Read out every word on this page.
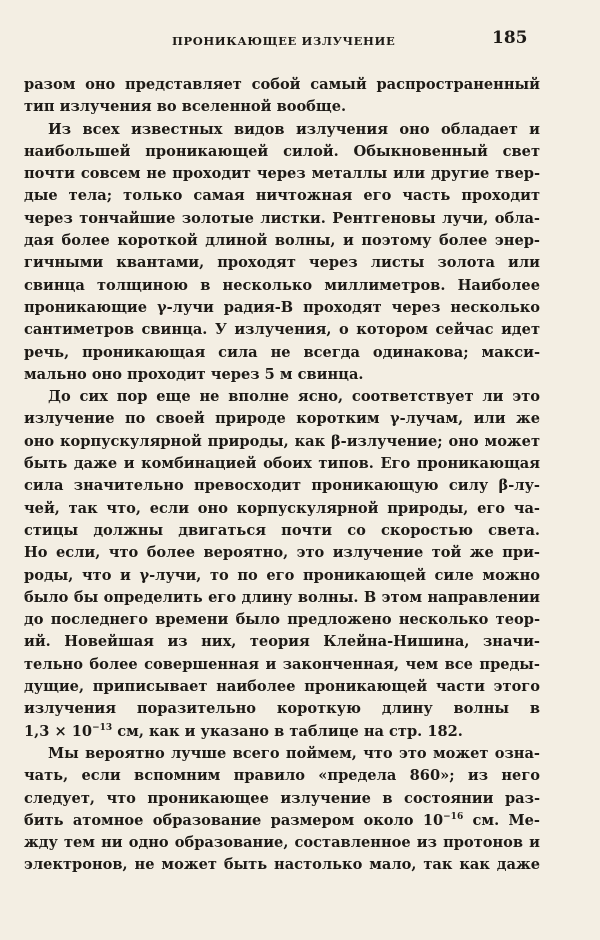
ПРОНИКАЮЩЕЕ ИЗЛУЧЕНИЕ	185
разом оно представляет собой самый распространенный
тип излучения во вселенной вообще.
Из всех известных видов излучения оно обладает и
наибольшей проникающей силой. Обыкновенный свет
почти совсем не проходит через металлы или другие твер-
дые тела; только самая ничтожная его часть проходит
через тончайшие золотые листки. Рентгеновы лучи, обла-
дая более короткой длиной волны, и поэтому более энер-
гичными квантами, проходят через листы золота или
свинца толщиною в несколько миллиметров. Наиболее
проникающие γ-лучи радия-B проходят через несколько
сантиметров свинца. У излучения, о котором сейчас идет
речь, проникающая сила не всегда одинакова; макси-
мально оно проходит через 5 м свинца.
До сих пор еще не вполне ясно, соответствует ли это
излучение по своей природе коротким γ-лучам, или же
оно корпускулярной природы, как β-излучение; оно может
быть даже и комбинацией обоих типов. Его проникающая
сила значительно превосходит проникающую силу β-лу-
чей, так что, если оно корпускулярной природы, его ча-
стицы должны двигаться почти со скоростью света.
Но если, что более вероятно, это излучение той же при-
роды, что и γ-лучи, то по его проникающей силе можно
было бы определить его длину волны. В этом направлении
до последнего времени было предложено несколько теор-
ий. Новейшая из них, теория Клейна-Нишина, значи-
тельно более совершенная и законченная, чем все преды-
дущие, приписывает наиболее проникающей части этого
излучения поразительно короткую длину волны в
$1,3 \times 10^{-13}$ см, как и указано в таблице на стр. 182.
Мы вероятно лучше всего поймем, что это может озна-
чать, если вспомним правило «предела 860»; из него
следует, что проникающее излучение в состоянии раз-
бить атомное образование размером около $10^{-16}$ см. Ме-
жду тем ни одно образование, составленное из протонов и
электронов, не может быть настолько мало, так как даже
